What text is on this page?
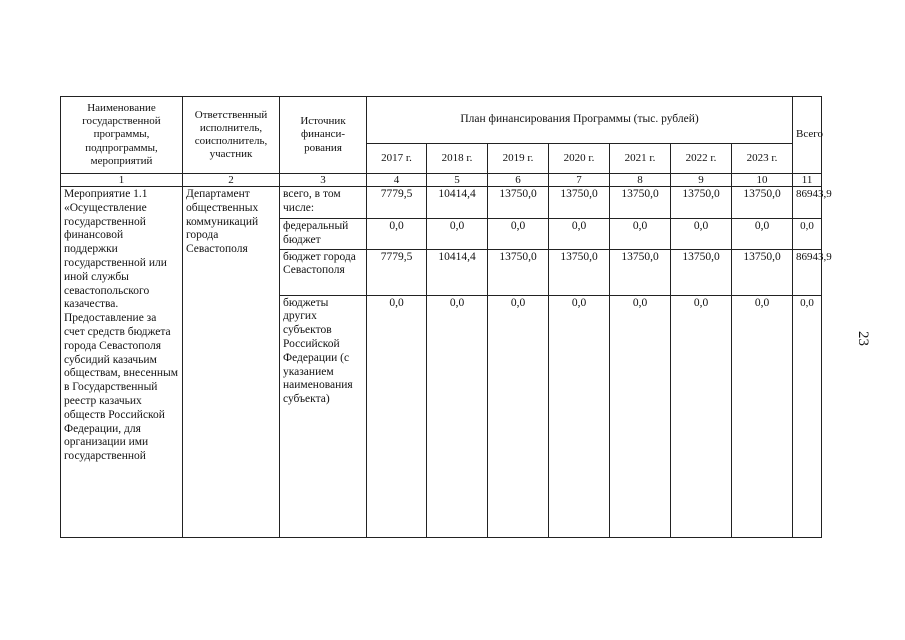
Наименование государственной программы, подпрограммы, мероприятий	Ответственный исполнитель, соисполнитель, участник	Источник финанси-рования	План финансирования Программы (тыс. рублей)							Всего
			2017 г.	2018 г.	2019 г.	2020 г.	2021 г.	2022 г.	2023 г.	
1	2	3	4	5	6	7	8	9	10	11
Мероприятие 1.1 «Осуществление государственной финансовой поддержки государственной или иной службы севастопольского казачества. Предоставление за счет средств бюджета города Севастополя субсидий казачьим обществам, внесенным в Государственный реестр казачьих обществ Российской Федерации, для организации ими государственной	Департамент общественных коммуникаций города Севастополя	всего, в том числе:	7779,5	10414,4	13750,0	13750,0	13750,0	13750,0	13750,0	86943,9
		федеральный бюджет	0,0	0,0	0,0	0,0	0,0	0,0	0,0	0,0
		бюджет города Севастополя	7779,5	10414,4	13750,0	13750,0	13750,0	13750,0	13750,0	86943,9
		бюджеты других субъектов Российской Федерации (с указанием наименования субъекта)	0,0	0,0	0,0	0,0	0,0	0,0	0,0	0,0
23
